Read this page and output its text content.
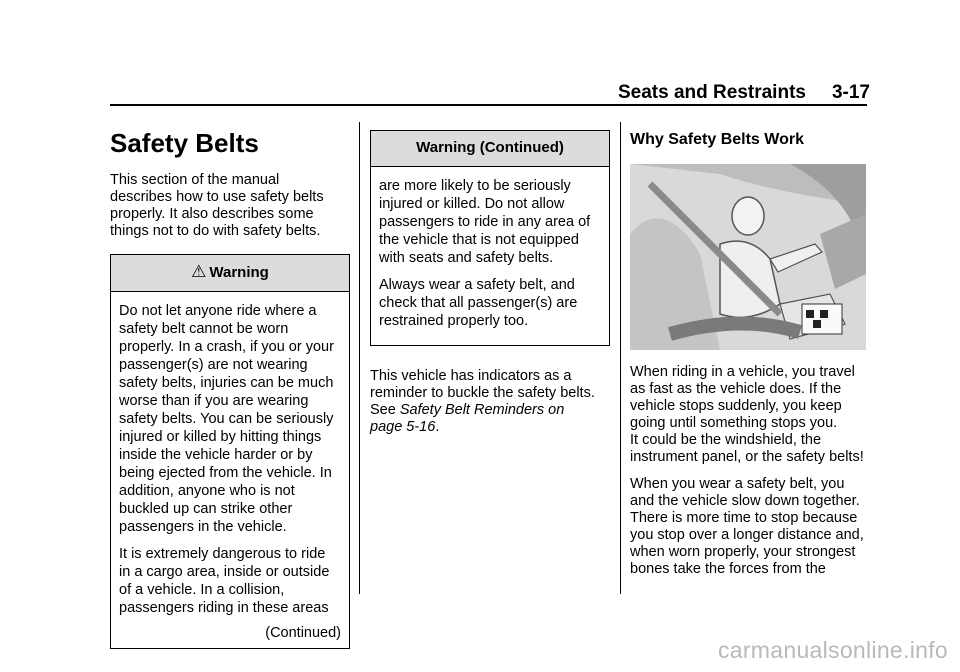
Seats and Restraints 3-17
Safety Belts

This section of the manual
describes how to use safety belts
properly. It also describes some
things not to do with safety belts.

⚠ Warning

Do not let anyone ride where a
safety belt cannot be worn
properly. In a crash, if you or your
passenger(s) are not wearing
safety belts, injuries can be much
worse than if you are wearing
safety belts. You can be seriously
injured or killed by hitting things
inside the vehicle harder or by
being ejected from the vehicle. In
addition, anyone who is not
buckled up can strike other
passengers in the vehicle.

It is extremely dangerous to ride
in a cargo area, inside or outside
of a vehicle. In a collision,
passengers riding in these areas

(Continued)
Warning (Continued)

are more likely to be seriously
injured or killed. Do not allow
passengers to ride in any area of
the vehicle that is not equipped
with seats and safety belts.

Always wear a safety belt, and
check that all passenger(s) are
restrained properly too.

This vehicle has indicators as a
reminder to buckle the safety belts.
See Safety Belt Reminders on
page 5-16.

Why Safety Belts Work

When riding in a vehicle, you travel
as fast as the vehicle does. If the
vehicle stops suddenly, you keep
going until something stops you.
It could be the windshield, the
instrument panel, or the safety belts!

When you wear a safety belt, you
and the vehicle slow down together.
There is more time to stop because
you stop over a longer distance and,
when worn properly, your strongest
bones take the forces from the

carmanualsonline.info
